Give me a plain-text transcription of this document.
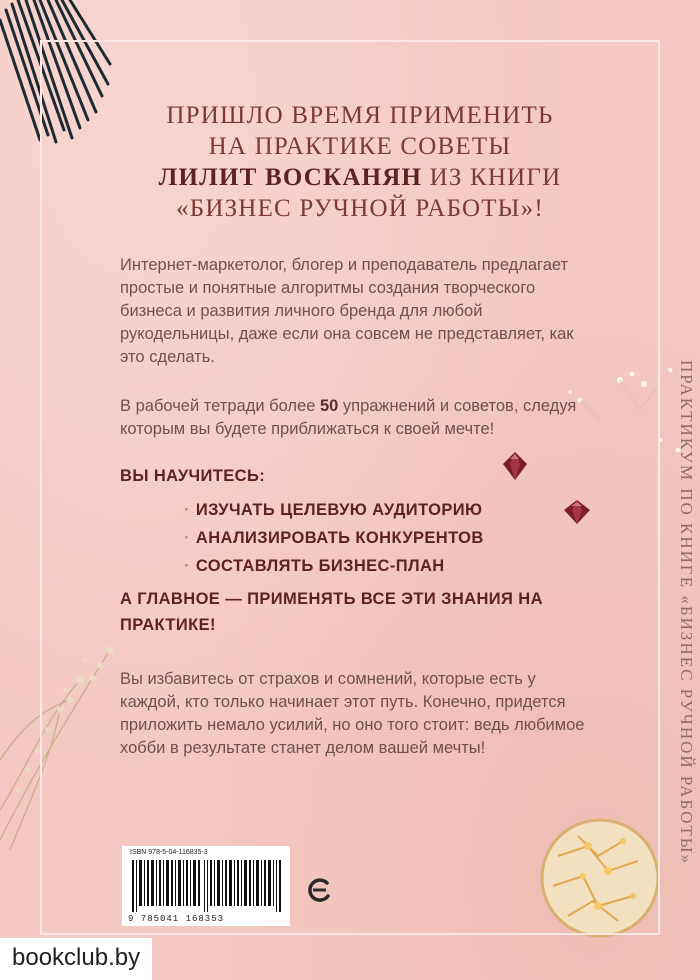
ПРИШЛО ВРЕМЯ ПРИМЕНИТЬ
НА ПРАКТИКЕ СОВЕТЫ
ЛИЛИТ ВОСКАНЯН ИЗ КНИГИ
«БИЗНЕС РУЧНОЙ РАБОТЫ»!

Интернет-маркетолог, блогер и преподаватель предлагает простые и понятные алгоритмы создания творческого бизнеса и развития личного бренда для любой рукодельницы, даже если она совсем не представляет, как это сделать.

В рабочей тетради более 50 упражнений и советов, следуя которым вы будете приближаться к своей мечте!

ВЫ НАУЧИТЕСЬ:
· ИЗУЧАТЬ ЦЕЛЕВУЮ АУДИТОРИЮ
· АНАЛИЗИРОВАТЬ КОНКУРЕНТОВ
· СОСТАВЛЯТЬ БИЗНЕС-ПЛАН
А ГЛАВНОЕ — ПРИМЕНЯТЬ ВСЕ ЭТИ ЗНАНИЯ НА ПРАКТИКЕ!

Вы избавитесь от страхов и сомнений, которые есть у каждой, кто только начинает этот путь. Конечно, придется приложить немало усилий, но оно того стоит: ведь любимое хобби в результате станет делом вашей мечты!

ISBN 978-5-04-116835-3
9 785041 168353
ПРАКТИКУМ ПО КНИГЕ «БИЗНЕС РУЧНОЙ РАБОТЫ»
bookclub.by
